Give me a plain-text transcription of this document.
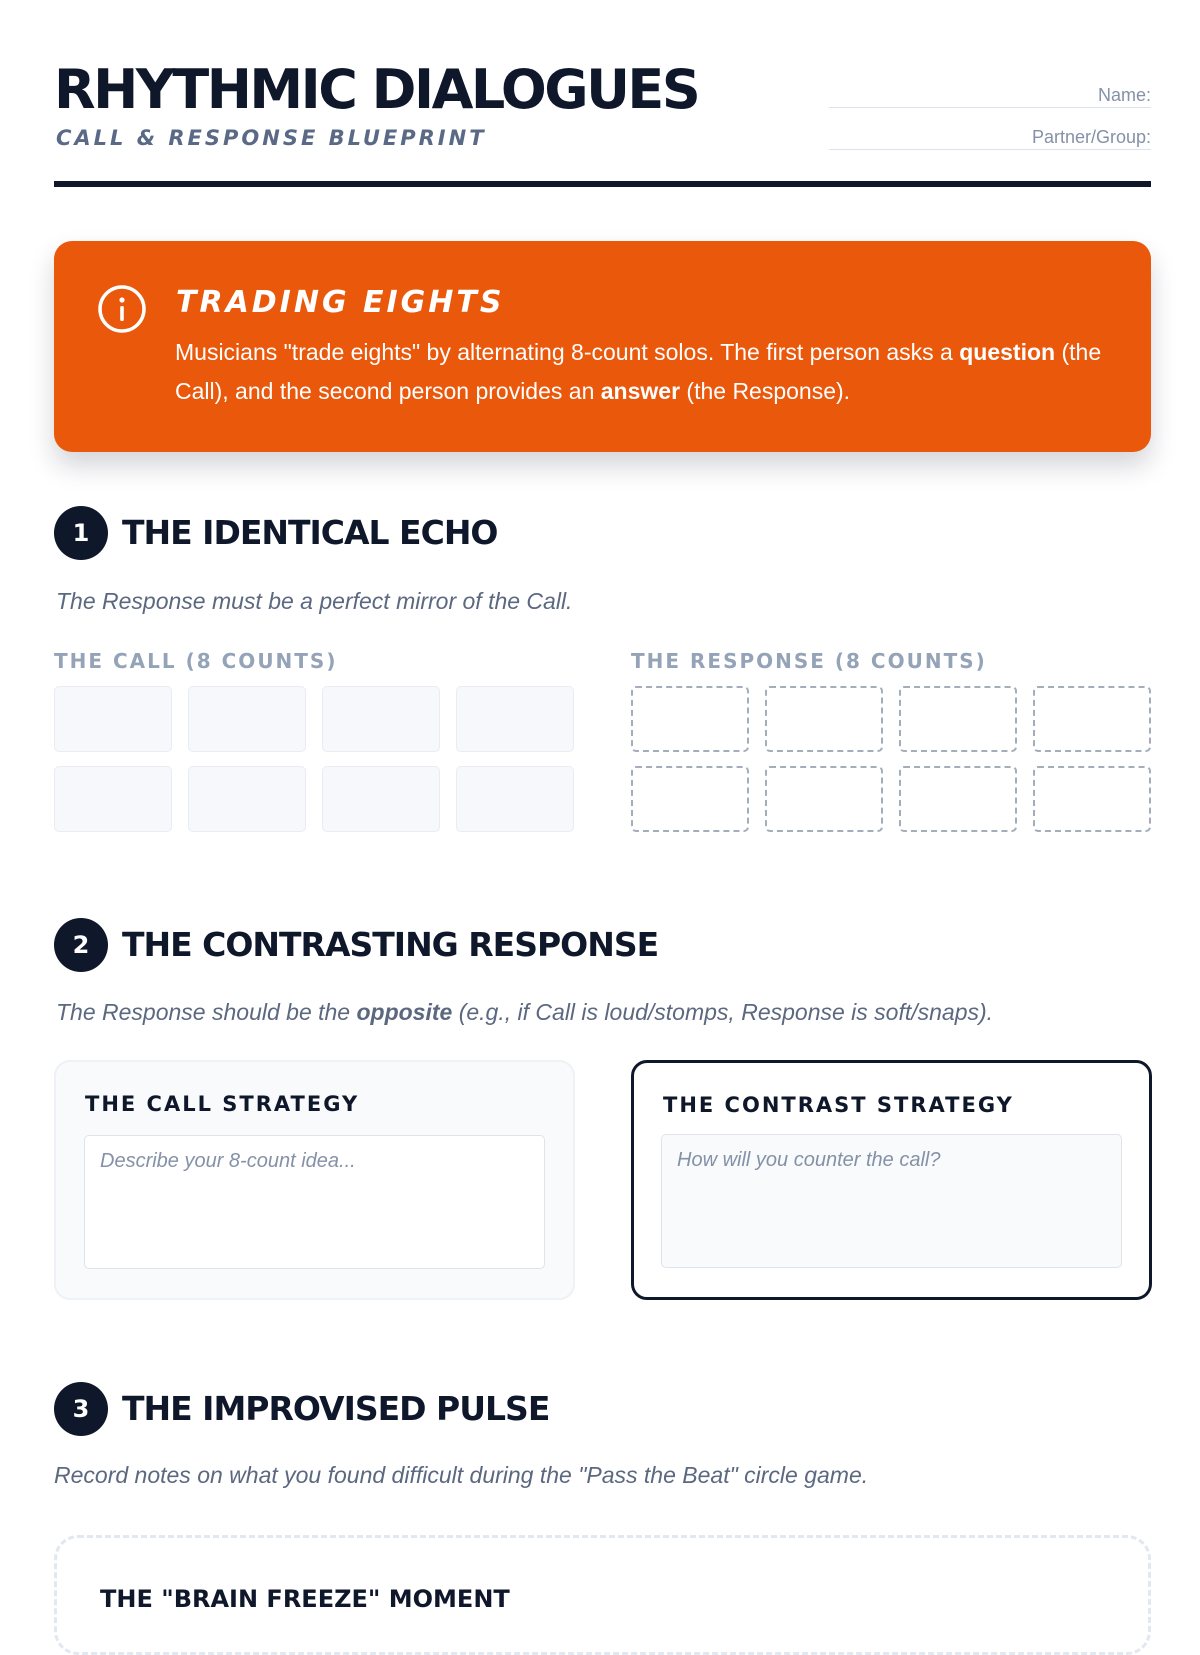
RHYTHMIC DIALOGUES
CALL & RESPONSE BLUEPRINT
Name:
Partner/Group:
TRADING EIGHTS
Musicians "trade eights" by alternating 8-count solos. The first person asks a question (the Call), and the second person provides an answer (the Response).
1 THE IDENTICAL ECHO
The Response must be a perfect mirror of the Call.
THE CALL (8 COUNTS)	THE RESPONSE (8 COUNTS)
2 THE CONTRASTING RESPONSE
The Response should be the opposite (e.g., if Call is loud/stomps, Response is soft/snaps).
THE CALL STRATEGY
Describe your 8-count idea...
THE CONTRAST STRATEGY
How will you counter the call?
3 THE IMPROVISED PULSE
Record notes on what you found difficult during the "Pass the Beat" circle game.
THE "BRAIN FREEZE" MOMENT
